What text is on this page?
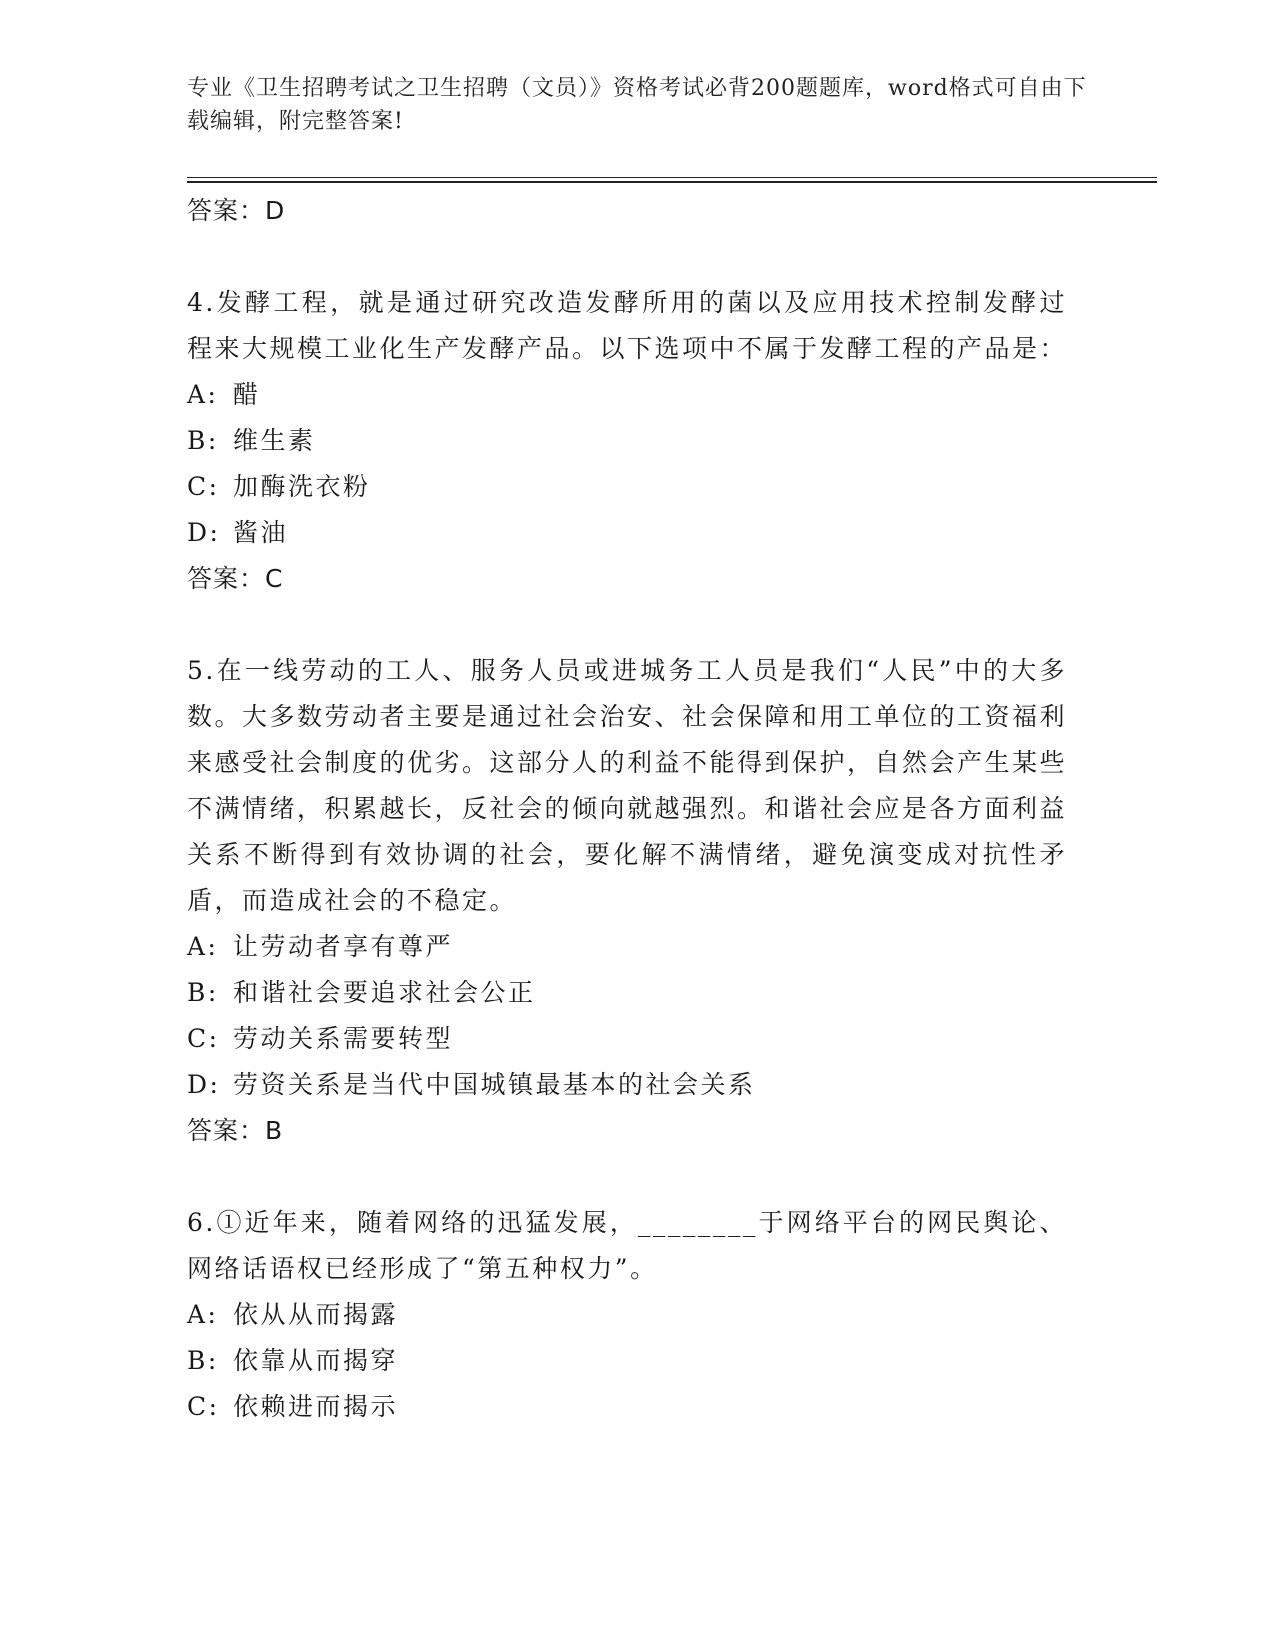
专业《卫生招聘考试之卫生招聘（文员）》资格考试必背200题题库，word格式可自由下载编辑，附完整答案!
答案：D
4.发酵工程，就是通过研究改造发酵所用的菌以及应用技术控制发酵过程来大规模工业化生产发酵产品。以下选项中不属于发酵工程的产品是：
A: 醋
B: 维生素
C: 加酶洗衣粉
D: 酱油
答案：C
5.在一线劳动的工人、服务人员或进城务工人员是我们“人民”中的大多数。大多数劳动者主要是通过社会治安、社会保障和用工单位的工资福利来感受社会制度的优劣。这部分人的利益不能得到保护，自然会产生某些不满情绪，积累越长，反社会的倾向就越强烈。和谐社会应是各方面利益关系不断得到有效协调的社会，要化解不满情绪，避免演变成对抗性矛盾，而造成社会的不稳定。
A: 让劳动者享有尊严
B: 和谐社会要追求社会公正
C: 劳动关系需要转型
D: 劳资关系是当代中国城镇最基本的社会关系
答案：B
6.①近年来，随着网络的迅猛发展，________于网络平台的网民舆论、网络话语权已经形成了“第五种权力”。
A: 依从从而揭露
B: 依靠从而揭穿
C: 依赖进而揭示
